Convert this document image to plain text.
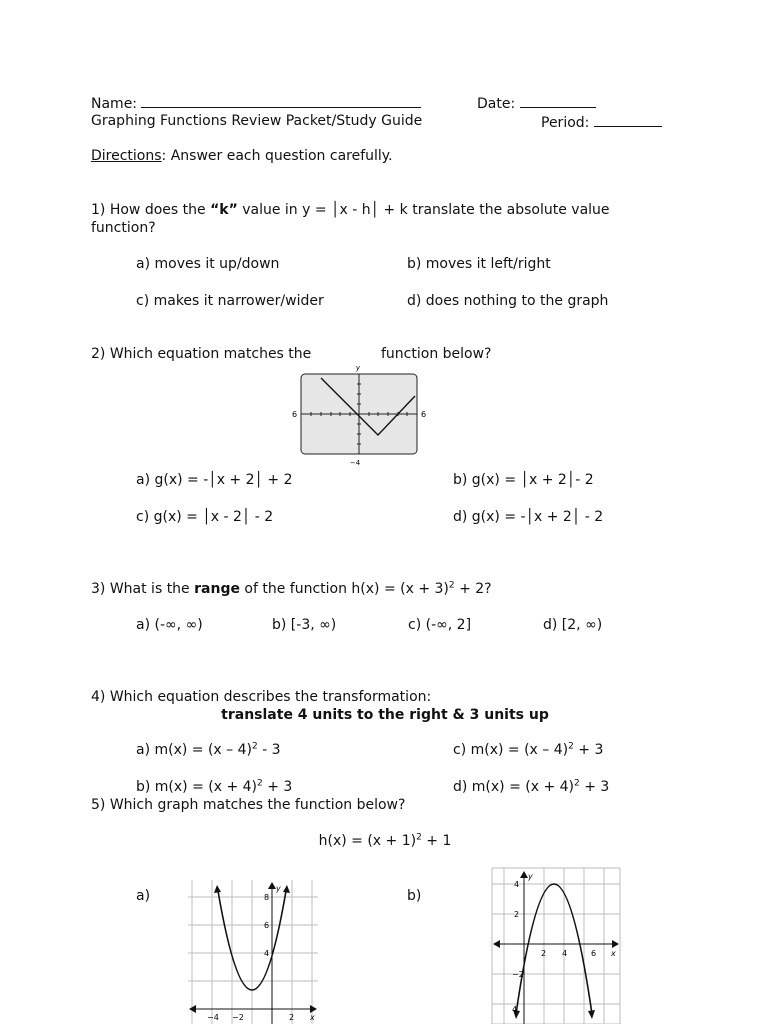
Name:	Date:
Graphing Functions Review Packet/Study Guide	Period:
Directions: Answer each question carefully.
1) How does the “k” value in y = │x - h│ + k translate the absolute value
function?
a) moves it up/down	b) moves it left/right
c) makes it narrower/wider	d) does nothing to the graph
2) Which equation matches the	function below?
y
6	6
−4
a) g(x) = -│x + 2│ + 2	b) g(x) = │x + 2│- 2
c) g(x) = │x - 2│ - 2	d) g(x) = -│x + 2│ - 2
3) What is the range of the function $h(x) = (x + 3)^2 + 2$?
a) (-∞, ∞)	b) [-3, ∞)	c) (-∞, 2]	d) [2, ∞)
4) Which equation describes the transformation:
translate 4 units to the right & 3 units up
a) m(x) = (x – 4)$^2$ - 3	c) m(x) = (x – 4)$^2$ + 3
b) $m(x) = (x + 4)^2 + 3$	d) $m(x) = (x + 4)^2 + 3$
5) Which graph matches the function below?
$h(x) = (x + 1)^2 + 1$
a)	b)
y
8
6
4
−4 −2	2 x
y
4
2
−2
4
2 4	6 x
